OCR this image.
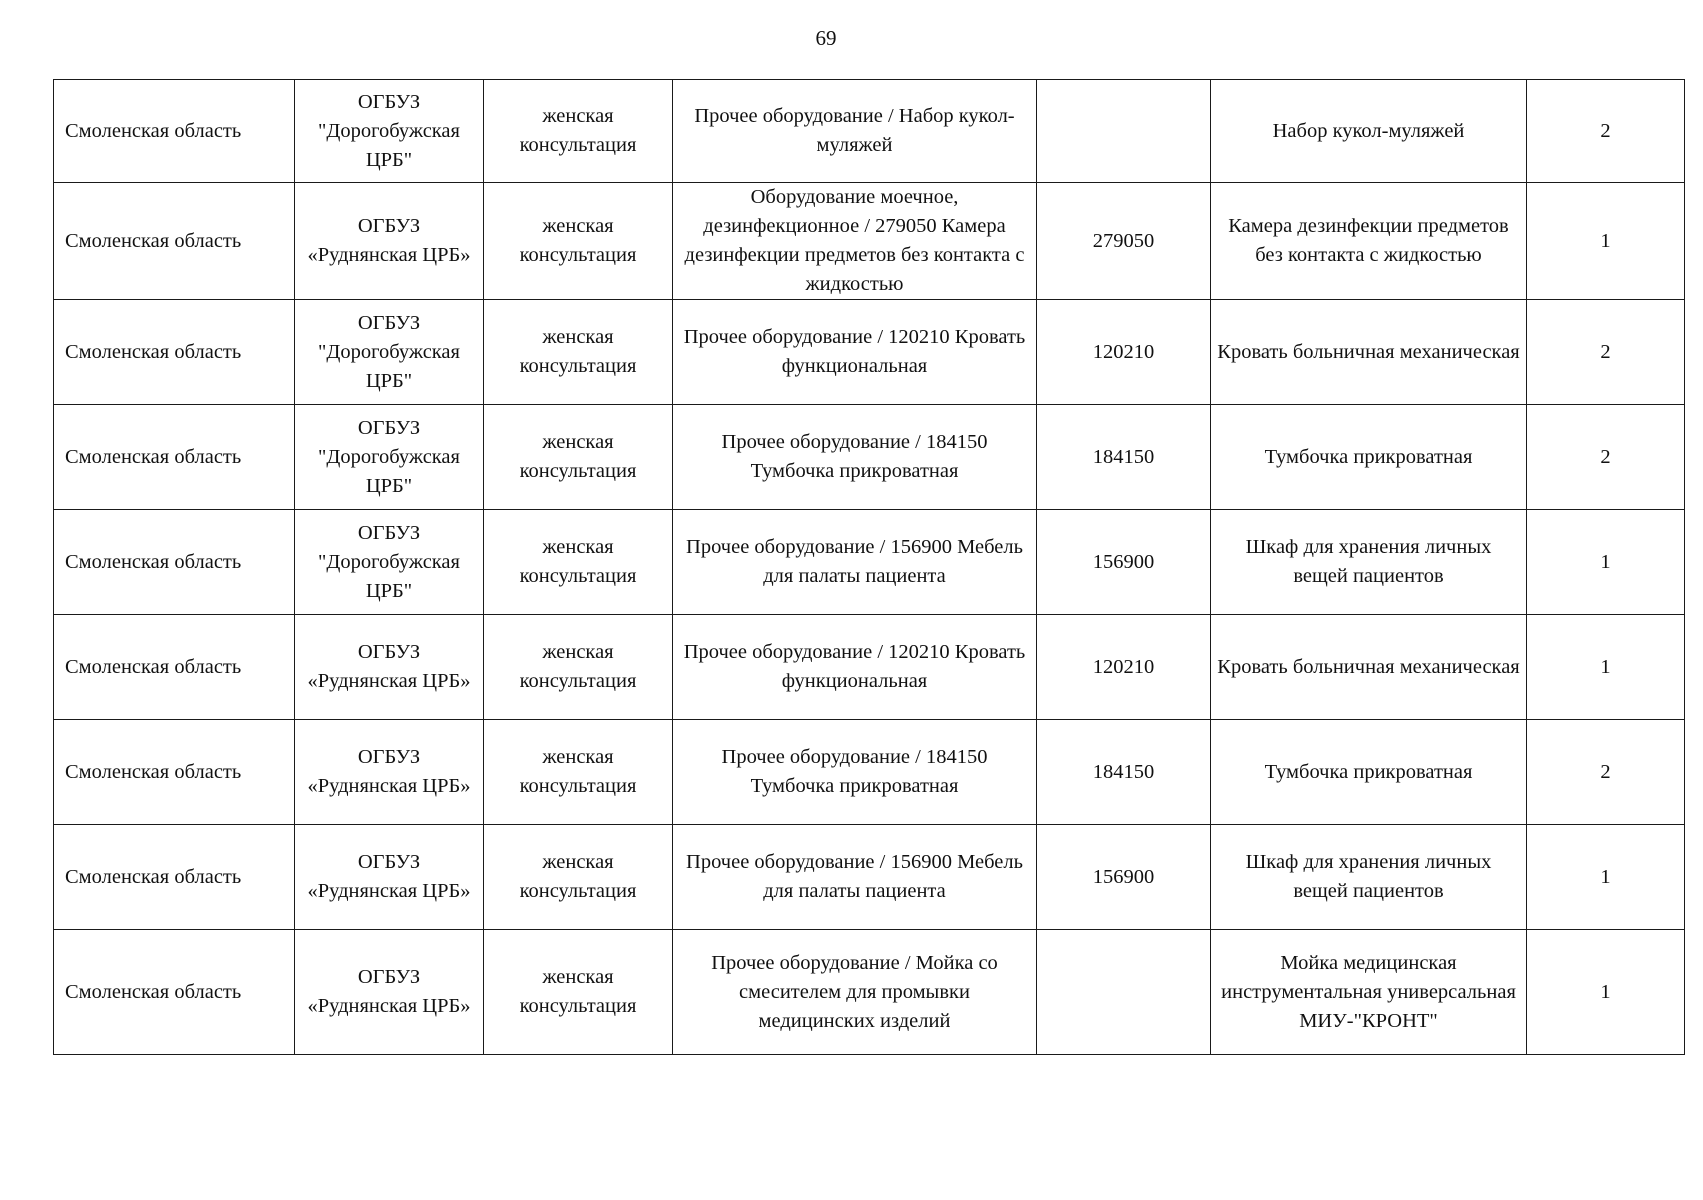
69
Смоленская область	ОГБУЗ "Дорогобужская ЦРБ"	женская консультация	Прочее оборудование / Набор кукол-муляжей		Набор кукол-муляжей	2
Смоленская область	ОГБУЗ «Руднянская ЦРБ»	женская консультация	Оборудование моечное, дезинфекционное / 279050 Камера дезинфекции предметов без контакта с жидкостью	279050	Камера дезинфекции предметов без контакта с жидкостью	1
Смоленская область	ОГБУЗ "Дорогобужская ЦРБ"	женская консультация	Прочее оборудование / 120210 Кровать функциональная	120210	Кровать больничная механическая	2
Смоленская область	ОГБУЗ "Дорогобужская ЦРБ"	женская консультация	Прочее оборудование / 184150 Тумбочка прикроватная	184150	Тумбочка прикроватная	2
Смоленская область	ОГБУЗ "Дорогобужская ЦРБ"	женская консультация	Прочее оборудование / 156900 Мебель для палаты пациента	156900	Шкаф для хранения личных вещей пациентов	1
Смоленская область	ОГБУЗ «Руднянская ЦРБ»	женская консультация	Прочее оборудование / 120210 Кровать функциональная	120210	Кровать больничная механическая	1
Смоленская область	ОГБУЗ «Руднянская ЦРБ»	женская консультация	Прочее оборудование / 184150 Тумбочка прикроватная	184150	Тумбочка прикроватная	2
Смоленская область	ОГБУЗ «Руднянская ЦРБ»	женская консультация	Прочее оборудование / 156900 Мебель для палаты пациента	156900	Шкаф для хранения личных вещей пациентов	1
Смоленская область	ОГБУЗ «Руднянская ЦРБ»	женская консультация	Прочее оборудование / Мойка со смесителем для промывки медицинских изделий		Мойка медицинская инструментальная универсальная МИУ-"КРОНТ"	1
